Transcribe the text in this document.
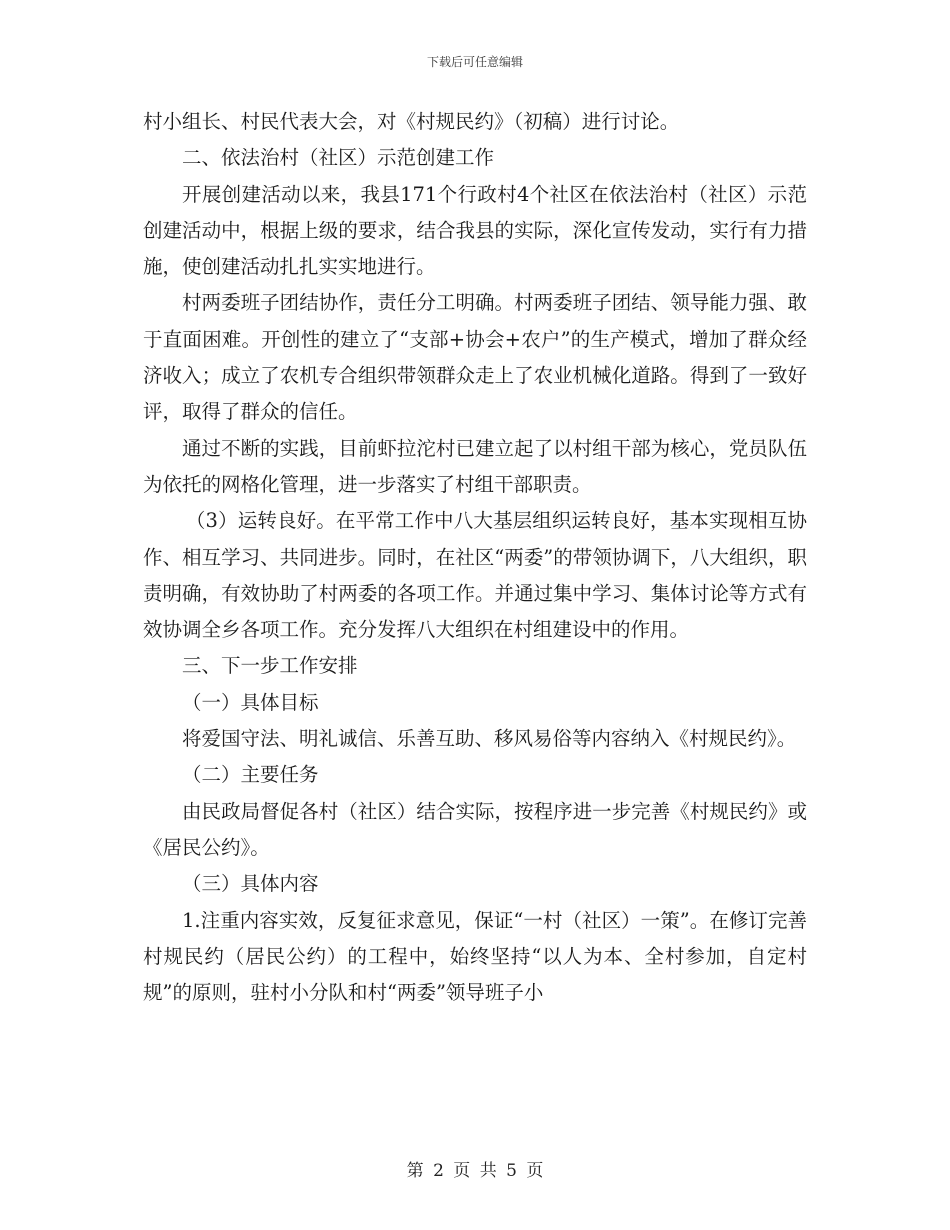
下载后可任意编辑

村小组长、村民代表大会，对《村规民约》（初稿）进行讨论。

二、依法治村（社区）示范创建工作

开展创建活动以来，我县171个行政村4个社区在依法治村（社区）示范创建活动中，根据上级的要求，结合我县的实际，深化宣传发动，实行有力措施，使创建活动扎扎实实地进行。

村两委班子团结协作，责任分工明确。村两委班子团结、领导能力强、敢于直面困难。开创性的建立了“支部+协会+农户”的生产模式，增加了群众经济收入；成立了农机专合组织带领群众走上了农业机械化道路。得到了一致好评，取得了群众的信任。

通过不断的实践，目前虾拉沱村已建立起了以村组干部为核心，党员队伍为依托的网格化管理，进一步落实了村组干部职责。

（3）运转良好。在平常工作中八大基层组织运转良好，基本实现相互协作、相互学习、共同进步。同时，在社区“两委”的带领协调下，八大组织，职责明确，有效协助了村两委的各项工作。并通过集中学习、集体讨论等方式有效协调全乡各项工作。充分发挥八大组织在村组建设中的作用。

三、下一步工作安排

（一）具体目标

将爱国守法、明礼诚信、乐善互助、移风易俗等内容纳入《村规民约》。

（二）主要任务

由民政局督促各村（社区）结合实际，按程序进一步完善《村规民约》或《居民公约》。

（三）具体内容

1.注重内容实效，反复征求意见，保证“一村（社区）一策”。在修订完善村规民约（居民公约）的工程中，始终坚持“以人为本、全村参加，自定村规”的原则，驻村小分队和村“两委”领导班子小

第 2 页 共 5 页
